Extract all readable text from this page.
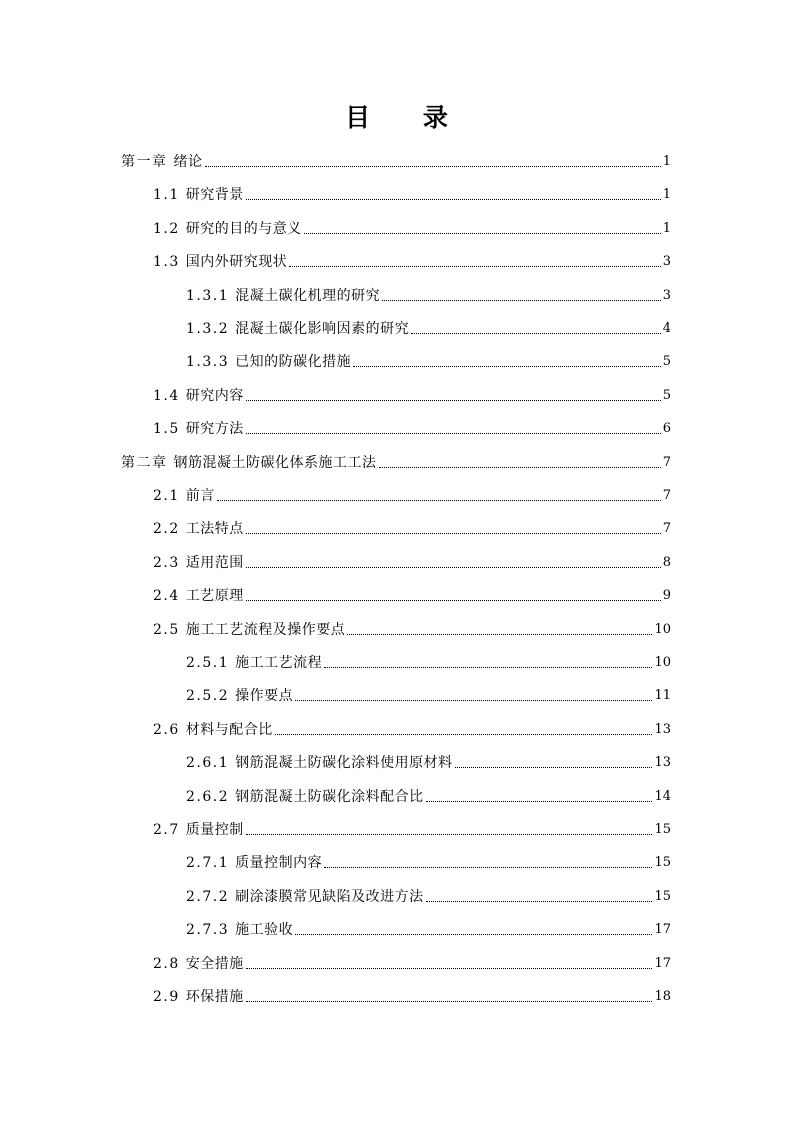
目 录
第一章 绪论	1
1.1 研究背景	1
1.2 研究的目的与意义	1
1.3 国内外研究现状	3
1.3.1 混凝土碳化机理的研究	3
1.3.2 混凝土碳化影响因素的研究	4
1.3.3 已知的防碳化措施	5
1.4 研究内容	5
1.5 研究方法	6
第二章 钢筋混凝土防碳化体系施工工法	7
2.1 前言	7
2.2 工法特点	7
2.3 适用范围	8
2.4 工艺原理	9
2.5 施工工艺流程及操作要点	10
2.5.1 施工工艺流程	10
2.5.2 操作要点	11
2.6 材料与配合比	13
2.6.1 钢筋混凝土防碳化涂料使用原材料	13
2.6.2 钢筋混凝土防碳化涂料配合比	14
2.7 质量控制	15
2.7.1 质量控制内容	15
2.7.2 刷涂漆膜常见缺陷及改进方法	15
2.7.3 施工验收	17
2.8 安全措施	17
2.9 环保措施	18
